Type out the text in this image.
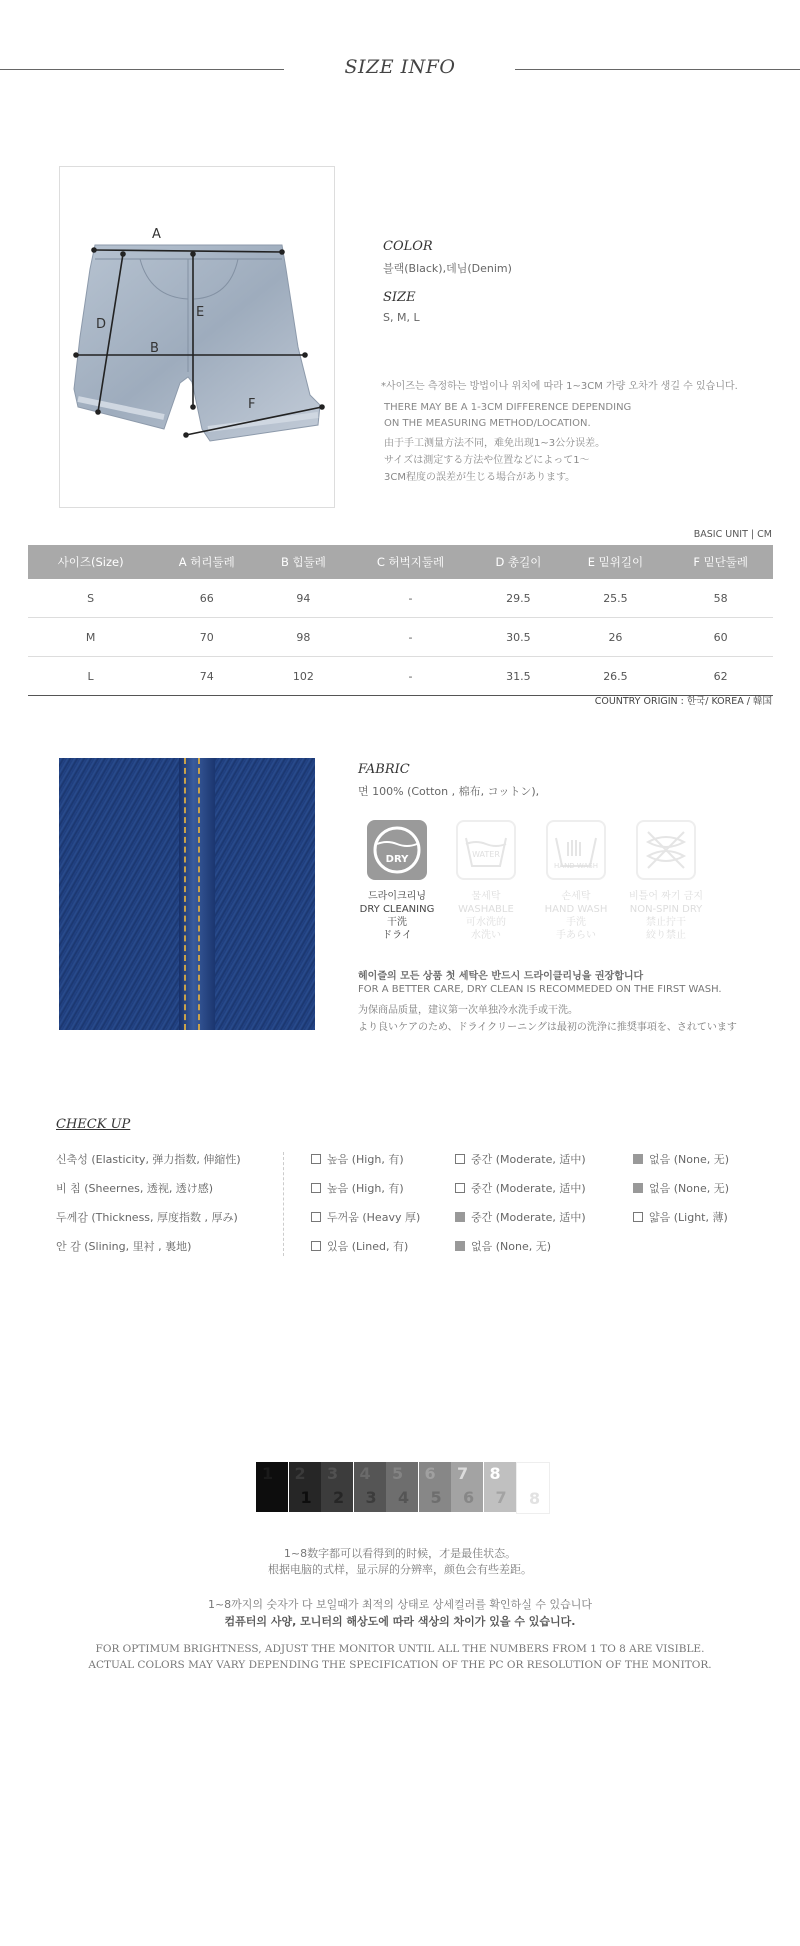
SIZE INFO
A
B
D
E
F
COLOR
블랙(Black),데님(Denim)
SIZE
S, M, L
*사이즈는 측정하는 방법이나 위치에 따라 1~3CM 가량 오차가 생길 수 있습니다.
THERE MAY BE A 1-3CM DIFFERENCE DEPENDING
ON THE MEASURING METHOD/LOCATION.
由于手工测量方法不同，难免出现1~3公分误差。
サイズは測定する方法や位置などによって1～
3CM程度の誤差が生じる場合があります。
BASIC UNIT | CM
사이즈(Size)	A 허리둘레	B 힙둘레	C 허벅지둘레	D 총길이	E 밑위길이	F 밑단둘레
S	66	94	-	29.5	25.5	58
M	70	98	-	30.5	26	60
L	74	102	-	31.5	26.5	62
COUNTRY ORIGIN : 한국/ KOREA / 韓国
FABRIC
면 100% (Cotton , 棉布, コットン),
DRY	WATER
HAND WASH
드라이크리닝
DRY CLEANING
干洗
ドライ
물세탁
WASHABLE
可水洗的
水洗い
손세탁
HAND WASH
手洗
手あらい
비틀어 짜기 금지
NON-SPIN DRY
禁止拧干
絞り禁止
헤이즐의 모든 상품 첫 세탁은 반드시 드라이클리닝을 권장합니다
FOR A BETTER CARE, DRY CLEAN IS RECOMMEDED ON THE FIRST WASH.
为保商品质量，建议第一次单独冷水洗手或干洗。
より良いケアのため、ドライクリーニングは最初の洗浄に推奨事項を、されています
CHECK UP
신축성 (Elasticity, 弹力指数, 伸縮性)	높음 (High, 有)	중간 (Moderate, 适中)	없음 (None, 无)
비 침 (Sheernes, 透视, 透け感)	높음 (High, 有)	중간 (Moderate, 适中)	없음 (None, 无)
두께감 (Thickness, 厚度指数 , 厚み)	두꺼움 (Heavy 厚)	중간 (Moderate, 适中)	얇음 (Light, 薄)
안 감 (Slining, 里衬 , 裏地)	있음 (Lined, 有)	없음 (None, 无)
1 2
1
3
2
4
3
5
4
6
5
7
6
8
7 8
1~8数字都可以看得到的时候，才是最佳状态。
根据电脑的式样，显示屏的分辨率，颜色会有些差距。
1~8까지의 숫자가 다 보일때가 최적의 상태로 상세컬러를 확인하실 수 있습니다
컴퓨터의 사양, 모니터의 해상도에 따라 색상의 차이가 있을 수 있습니다.
FOR OPTIMUM BRIGHTNESS, ADJUST THE MONITOR UNTIL ALL THE NUMBERS FROM 1 TO 8 ARE VISIBLE.
ACTUAL COLORS MAY VARY DEPENDING THE SPECIFICATION OF THE PC OR RESOLUTION OF THE MONITOR.
